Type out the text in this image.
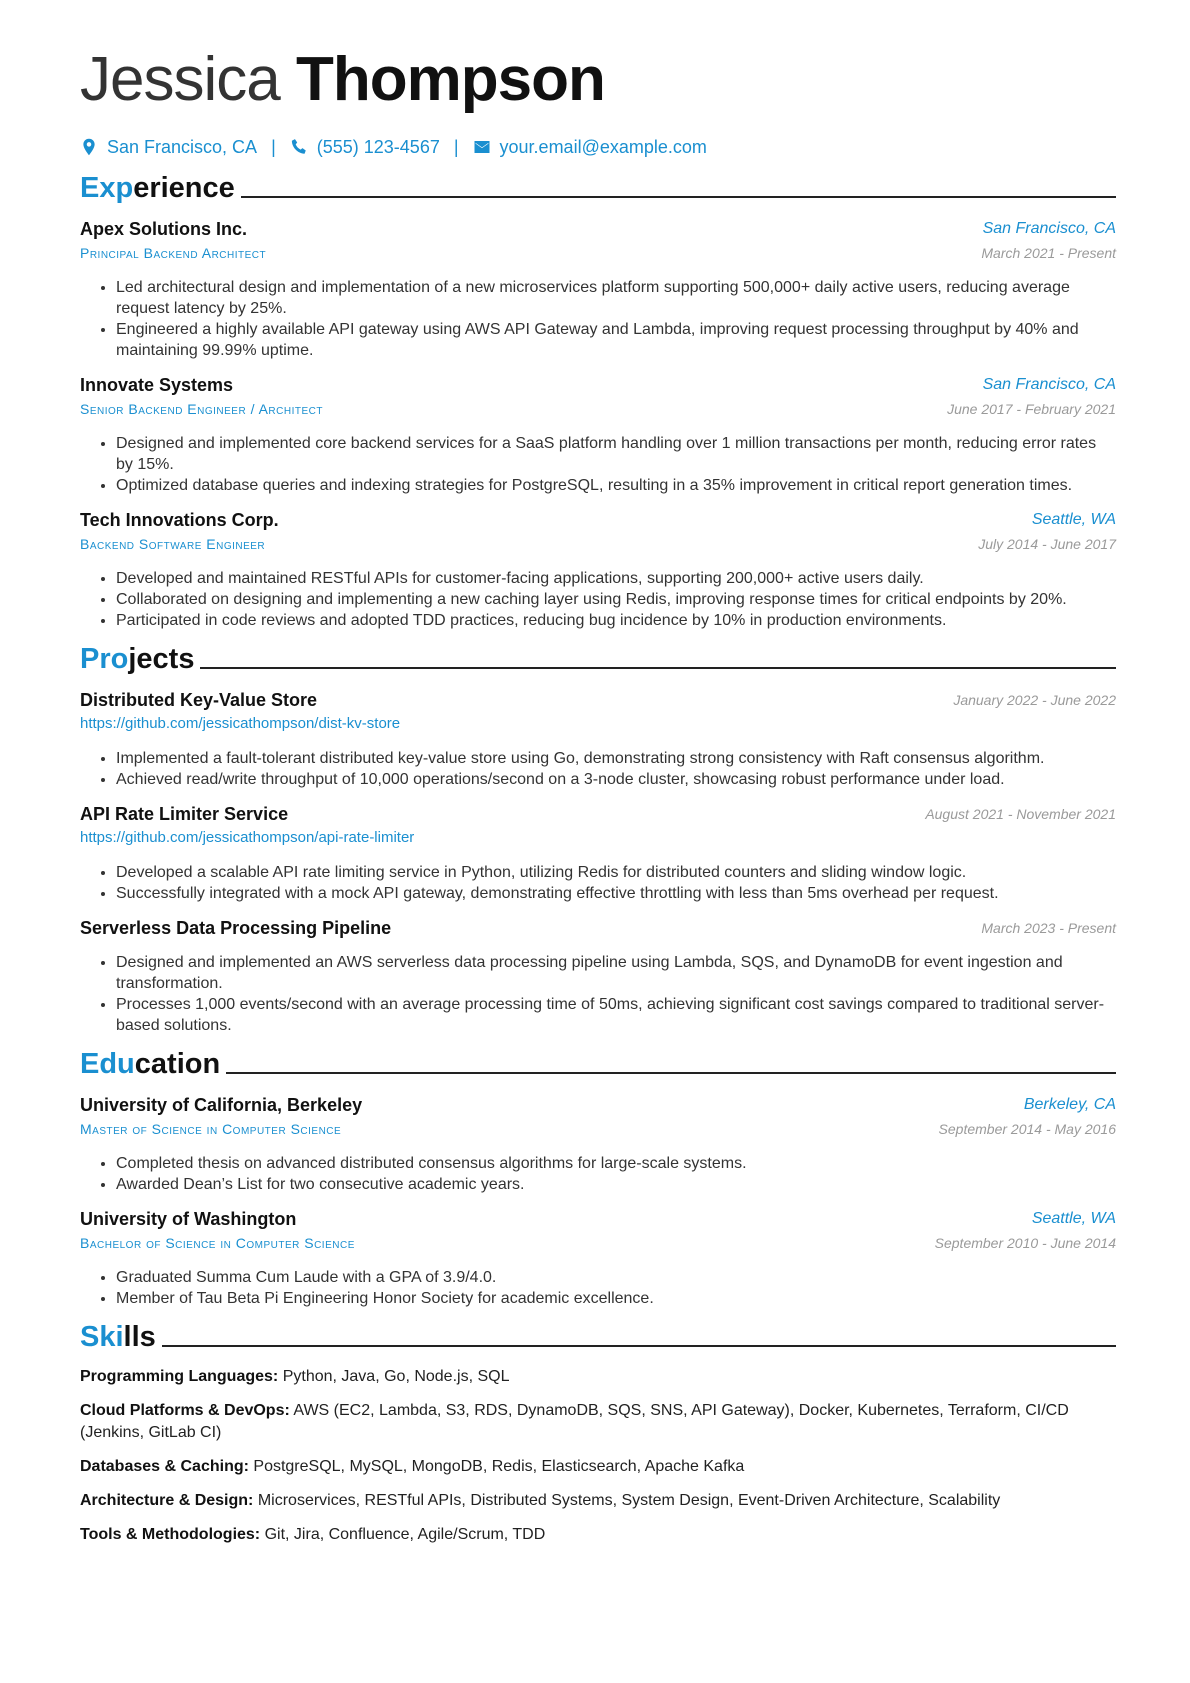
Jessica Thompson
San Francisco, CA | (555) 123-4567 | your.email@example.com
Experience
Apex Solutions Inc.	San Francisco, CA
Principal Backend Architect	March 2021 - Present
• Led architectural design and implementation of a new microservices platform supporting 500,000+ daily active users, reducing average request latency by 25%.
• Engineered a highly available API gateway using AWS API Gateway and Lambda, improving request processing throughput by 40% and maintaining 99.99% uptime.
Innovate Systems	San Francisco, CA
Senior Backend Engineer / Architect	June 2017 - February 2021
• Designed and implemented core backend services for a SaaS platform handling over 1 million transactions per month, reducing error rates by 15%.
• Optimized database queries and indexing strategies for PostgreSQL, resulting in a 35% improvement in critical report generation times.
Tech Innovations Corp.	Seattle, WA
Backend Software Engineer	July 2014 - June 2017
• Developed and maintained RESTful APIs for customer-facing applications, supporting 200,000+ active users daily.
• Collaborated on designing and implementing a new caching layer using Redis, improving response times for critical endpoints by 20%.
• Participated in code reviews and adopted TDD practices, reducing bug incidence by 10% in production environments.
Projects
Distributed Key-Value Store	January 2022 - June 2022
https://github.com/jessicathompson/dist-kv-store
• Implemented a fault-tolerant distributed key-value store using Go, demonstrating strong consistency with Raft consensus algorithm.
• Achieved read/write throughput of 10,000 operations/second on a 3-node cluster, showcasing robust performance under load.
API Rate Limiter Service	August 2021 - November 2021
https://github.com/jessicathompson/api-rate-limiter
• Developed a scalable API rate limiting service in Python, utilizing Redis for distributed counters and sliding window logic.
• Successfully integrated with a mock API gateway, demonstrating effective throttling with less than 5ms overhead per request.
Serverless Data Processing Pipeline	March 2023 - Present
• Designed and implemented an AWS serverless data processing pipeline using Lambda, SQS, and DynamoDB for event ingestion and transformation.
• Processes 1,000 events/second with an average processing time of 50ms, achieving significant cost savings compared to traditional server-based solutions.
Education
University of California, Berkeley	Berkeley, CA
Master of Science in Computer Science	September 2014 - May 2016
• Completed thesis on advanced distributed consensus algorithms for large-scale systems.
• Awarded Dean’s List for two consecutive academic years.
University of Washington	Seattle, WA
Bachelor of Science in Computer Science	September 2010 - June 2014
• Graduated Summa Cum Laude with a GPA of 3.9/4.0.
• Member of Tau Beta Pi Engineering Honor Society for academic excellence.
Skills
Programming Languages: Python, Java, Go, Node.js, SQL
Cloud Platforms & DevOps: AWS (EC2, Lambda, S3, RDS, DynamoDB, SQS, SNS, API Gateway), Docker, Kubernetes, Terraform, CI/CD (Jenkins, GitLab CI)
Databases & Caching: PostgreSQL, MySQL, MongoDB, Redis, Elasticsearch, Apache Kafka
Architecture & Design: Microservices, RESTful APIs, Distributed Systems, System Design, Event-Driven Architecture, Scalability
Tools & Methodologies: Git, Jira, Confluence, Agile/Scrum, TDD
